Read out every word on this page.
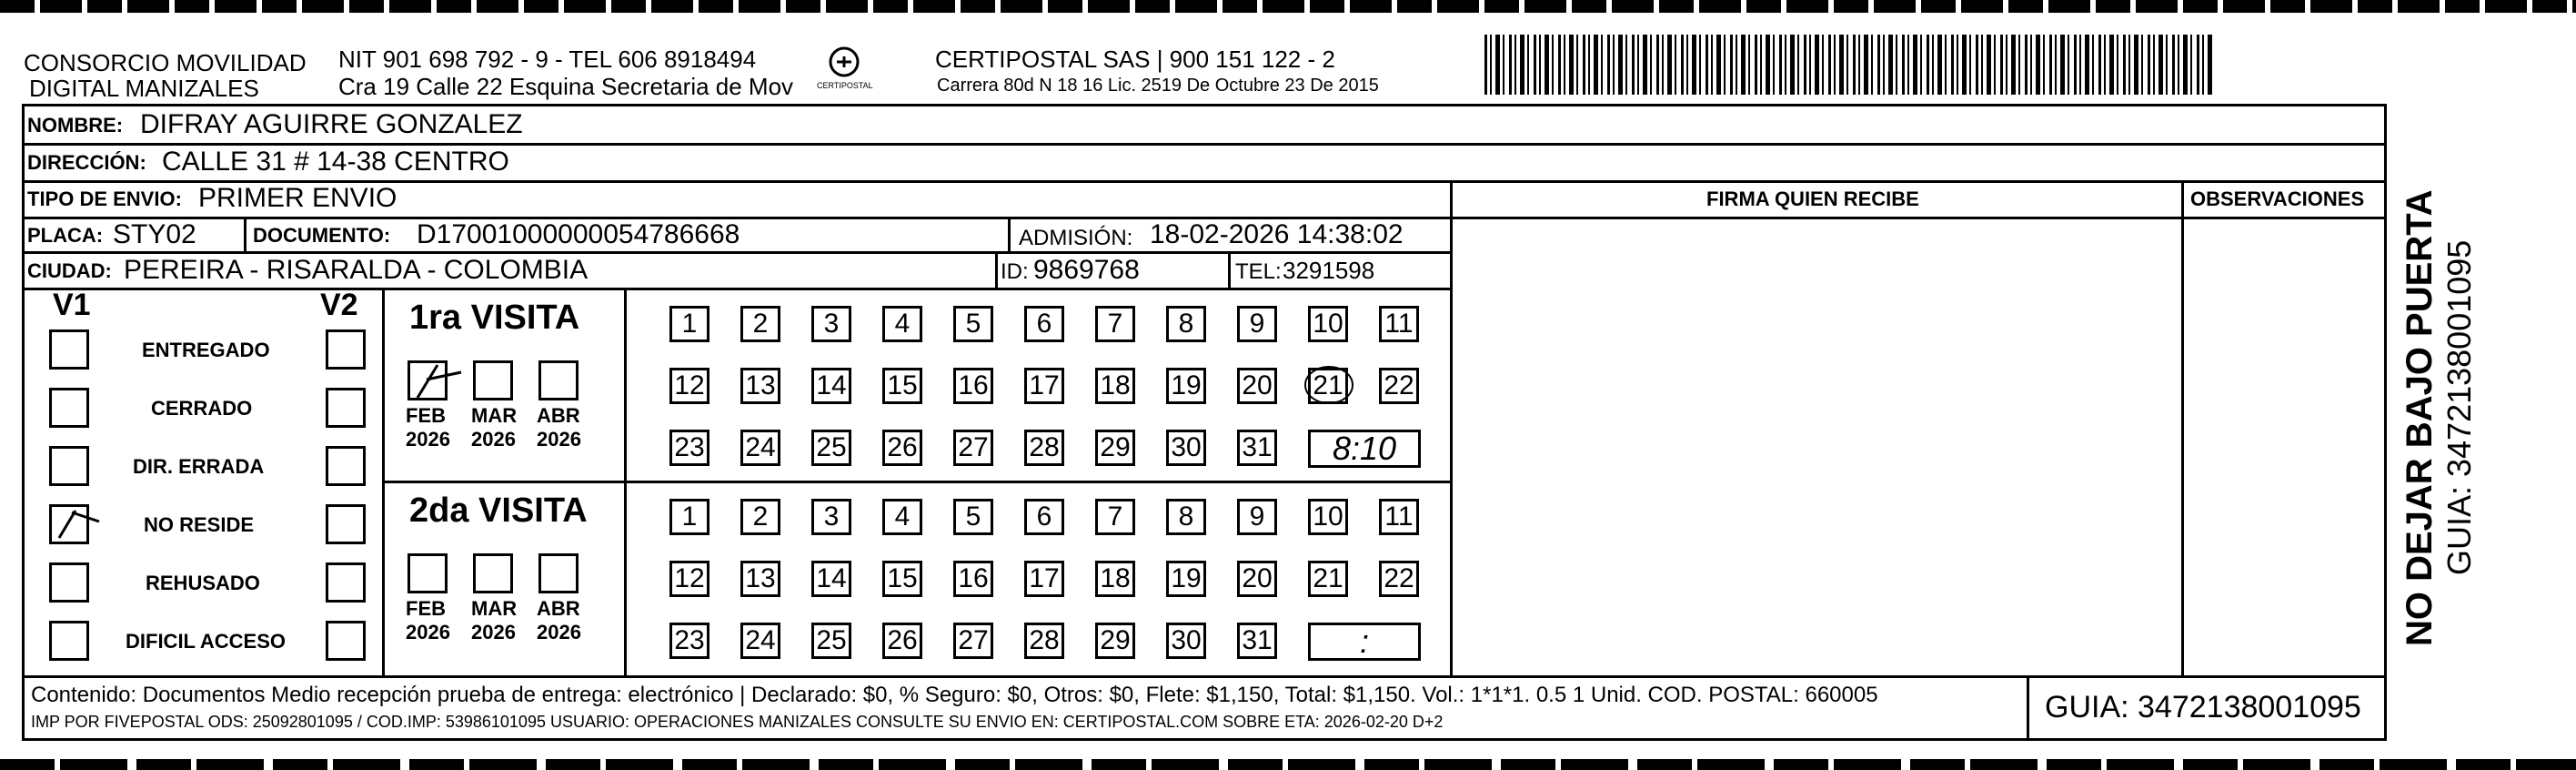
CONSORCIO MOVILIDAD
DIGITAL MANIZALES
NIT 901 698 792 - 9 - TEL 606 8918494
Cra 19 Calle 22 Esquina Secretaria de Mov	CERTIPOSTAL
CERTIPOSTAL SAS | 900 151 122 - 2
Carrera 80d N 18 16 Lic. 2519 De Octubre 23 De 2015
NOMBRE: DIFRAY AGUIRRE GONZALEZ
DIRECCIÓN: CALLE 31 # 14-38 CENTRO
TIPO DE ENVIO: PRIMER ENVIO
PLACA: STY02	DOCUMENTO: D17001000000054786668	ADMISIÓN: 18-02-2026 14:38:02
CIUDAD: PEREIRA - RISARALDA - COLOMBIA	ID: 9869768	TEL: 3291598
FIRMA QUIEN RECIBE	OBSERVACIONES
V1	V2
ENTREGADO
CERRADO
DIR. ERRADA
NO RESIDE
REHUSADO
DIFICIL ACCESO
1ra VISITA
FEB
2026
MAR
2026
ABR
2026
1	2	3	4	5	6	7	8	9	10 11
12 13 14 15 16 17 18 19 20 21 22
23 24 25 26 27 28 29 30 31	8:10
2da VISITA
FEB
2026
MAR
2026
ABR
2026
1	2	3	4	5	6	7	8	9	10 11
12 13 14 15 16 17 18 19 20 21 22
23 24 25 26 27 28 29 30 31	:
Contenido: Documentos Medio recepción prueba de entrega: electrónico | Declarado: $0, % Seguro: $0, Otros: $0, Flete: $1,150, Total: $1,150. Vol.: 1*1*1. 0.5 1 Unid. COD. POSTAL: 660005
IMP POR FIVEPOSTAL ODS: 25092801095 / COD.IMP: 53986101095 USUARIO: OPERACIONES MANIZALES CONSULTE SU ENVIO EN: CERTIPOSTAL.COM SOBRE ETA: 2026-02-20 D+2	GUIA: 3472138001095
NO DEJAR BAJO PUERTA GUIA: 3472138001095
